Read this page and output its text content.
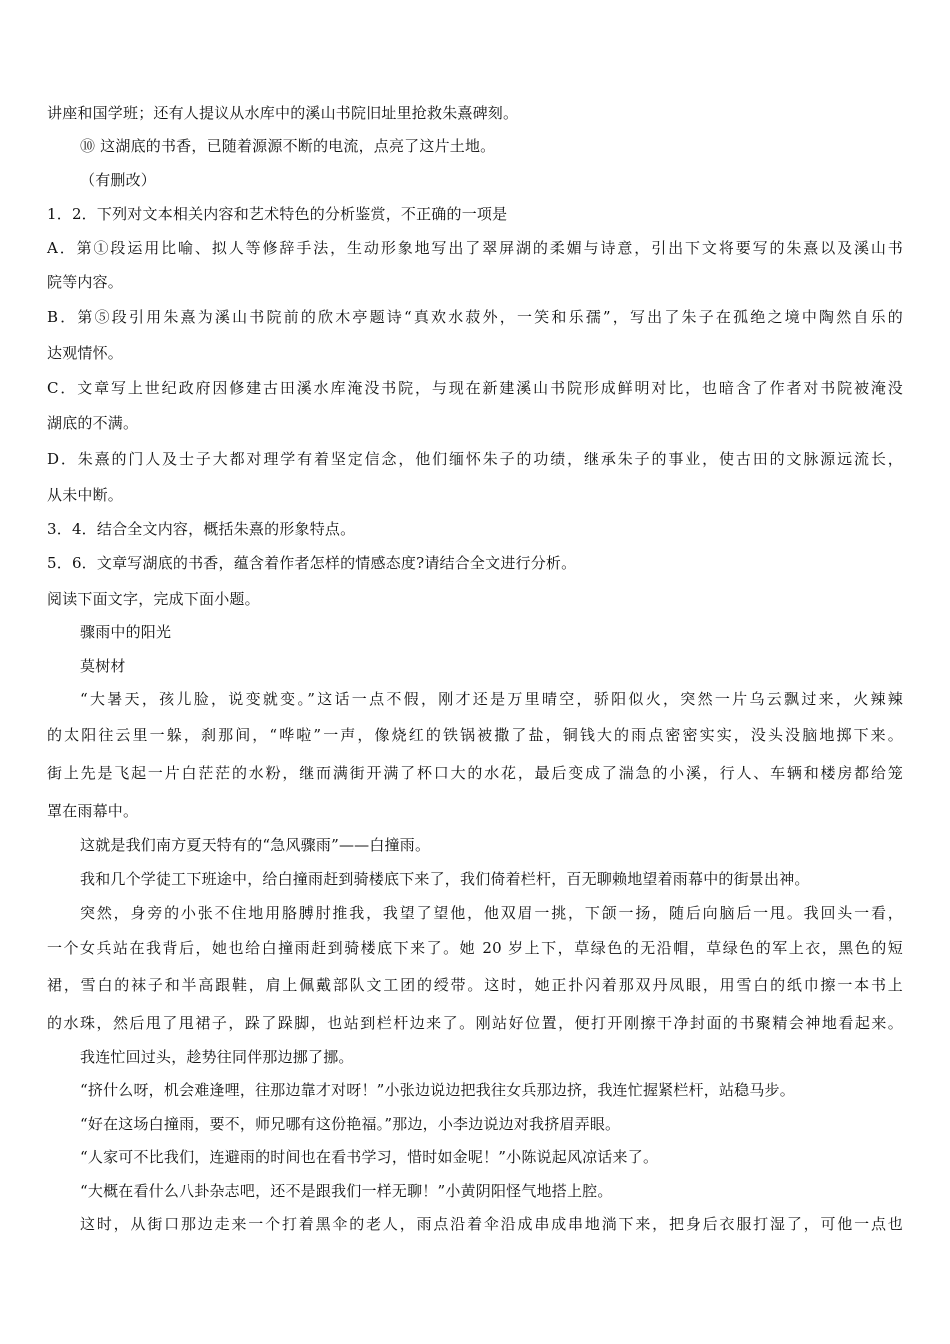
讲座和国学班；还有人提议从水库中的溪山书院旧址里抢救朱熹碑刻。
⑩ 这湖底的书香，已随着源源不断的电流，点亮了这片土地。
（有删改）
1．2．下列对文本相关内容和艺术特色的分析鉴赏，不正确的一项是
A．第①段运用比喻、拟人等修辞手法，生动形象地写出了翠屏湖的柔媚与诗意，引出下文将要写的朱熹以及溪山书
院等内容。
B．第⑤段引用朱熹为溪山书院前的欣木亭题诗“真欢水菽外，一笑和乐孺”，写出了朱子在孤绝之境中陶然自乐的
达观情怀。
C．文章写上世纪政府因修建古田溪水库淹没书院，与现在新建溪山书院形成鲜明对比，也暗含了作者对书院被淹没
湖底的不满。
D．朱熹的门人及士子大都对理学有着坚定信念，他们缅怀朱子的功绩，继承朱子的事业，使古田的文脉源远流长，
从未中断。
3．4．结合全文内容，概括朱熹的形象特点。
5．6．文章写湖底的书香，蕴含着作者怎样的情感态度?请结合全文进行分析。
阅读下面文字，完成下面小题。
骤雨中的阳光
莫树材
“大暑天，孩儿脸，说变就变。”这话一点不假，刚才还是万里晴空，骄阳似火，突然一片乌云飘过来，火辣辣
的太阳往云里一躲，刹那间，“哗啦”一声，像烧红的铁锅被撒了盐，铜钱大的雨点密密实实，没头没脑地掷下来。
街上先是飞起一片白茫茫的水粉，继而满街开满了杯口大的水花，最后变成了湍急的小溪，行人、车辆和楼房都给笼
罩在雨幕中。
这就是我们南方夏天特有的“急风骤雨”——白撞雨。
我和几个学徒工下班途中，给白撞雨赶到骑楼底下来了，我们倚着栏杆，百无聊赖地望着雨幕中的街景出神。
突然，身旁的小张不住地用胳膊肘推我，我望了望他，他双眉一挑，下颌一扬，随后向脑后一甩。我回头一看，
一个女兵站在我背后，她也给白撞雨赶到骑楼底下来了。她 20 岁上下，草绿色的无沿帽，草绿色的军上衣，黑色的短
裙，雪白的袜子和半高跟鞋，肩上佩戴部队文工团的绶带。这时，她正扑闪着那双丹凤眼，用雪白的纸巾擦一本书上
的水珠，然后甩了甩裙子，跺了跺脚，也站到栏杆边来了。刚站好位置，便打开刚擦干净封面的书聚精会神地看起来。
我连忙回过头，趁势往同伴那边挪了挪。
“挤什么呀，机会难逢哩，往那边靠才对呀！”小张边说边把我往女兵那边挤，我连忙握紧栏杆，站稳马步。
“好在这场白撞雨，要不，师兄哪有这份艳福。”那边，小李边说边对我挤眉弄眼。
“人家可不比我们，连避雨的时间也在看书学习，惜时如金呢！”小陈说起风凉话来了。
“大概在看什么八卦杂志吧，还不是跟我们一样无聊！”小黄阴阳怪气地搭上腔。
这时，从街口那边走来一个打着黑伞的老人，雨点沿着伞沿成串成串地淌下来，把身后衣服打湿了，可他一点也
